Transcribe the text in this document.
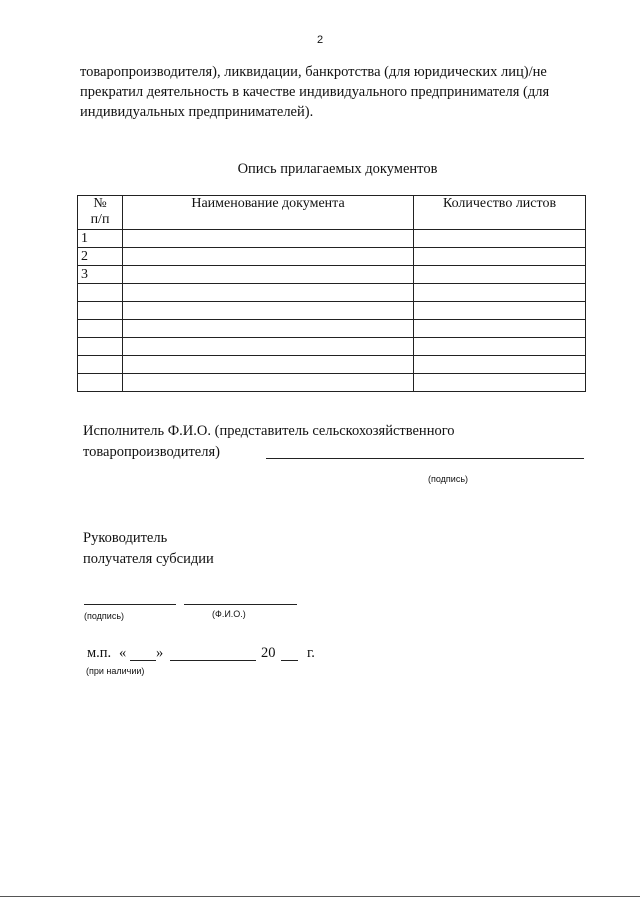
2
товаропроизводителя), ликвидации, банкротства (для юридических лиц)/не
прекратил деятельность в качестве индивидуального предпринимателя (для
индивидуальных предпринимателей).
Опись прилагаемых документов
№
п/п	Наименование документа	Количество листов
1		
2		
3		

Исполнитель Ф.И.О. (представитель сельскохозяйственного
товаропроизводителя)
(подпись)
Руководитель
получателя субсидии
(подпись)	(Ф.И.О.)
м.п. « »	20 г.
(при наличии)
